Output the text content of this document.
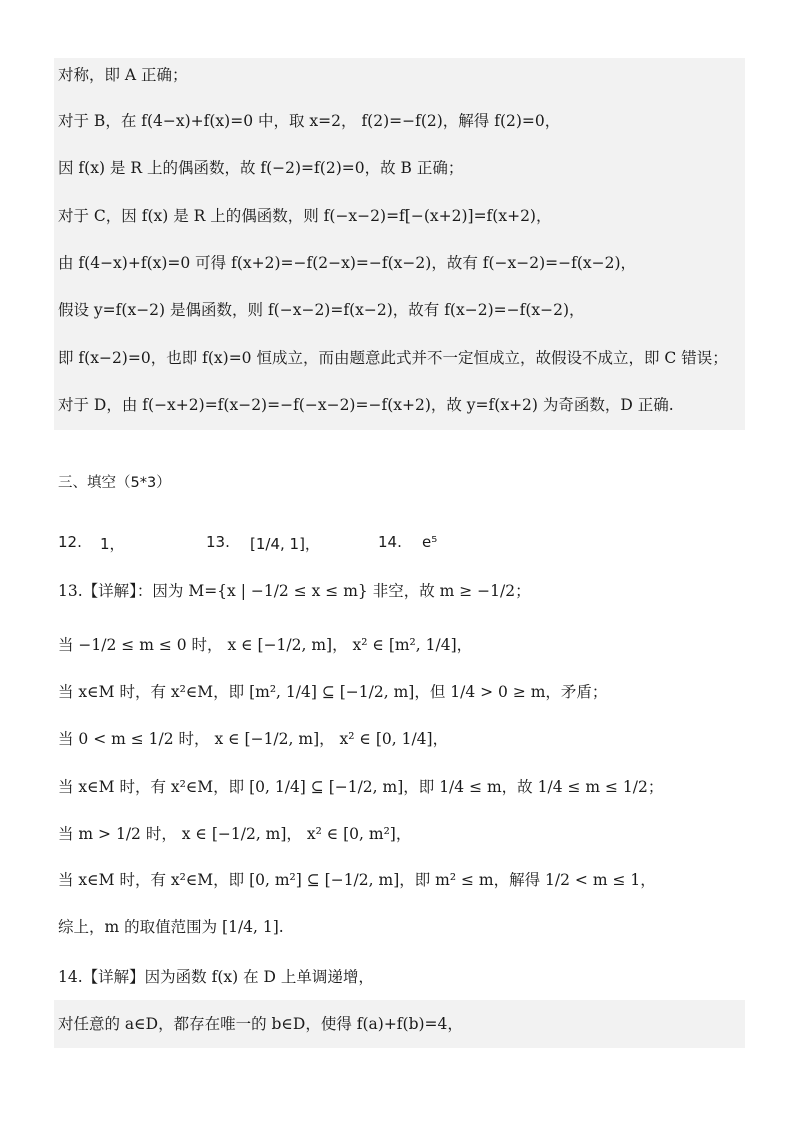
对称，即 A 正确；
对于 B，在 f(4−x)+f(x)=0 中，取 x=2， f(2)=−f(2)，解得 f(2)=0，
因 f(x) 是 R 上的偶函数，故 f(−2)=f(2)=0，故 B 正确；
对于 C，因 f(x) 是 R 上的偶函数，则 f(−x−2)=f[−(x+2)]=f(x+2)，
由 f(4−x)+f(x)=0 可得 f(x+2)=−f(2−x)=−f(x−2)，故有 f(−x−2)=−f(x−2)，
假设 y=f(x−2) 是偶函数，则 f(−x−2)=f(x−2)，故有 f(x−2)=−f(x−2)，
即 f(x−2)=0，也即 f(x)=0 恒成立，而由题意此式并不一定恒成立，故假设不成立，即 C 错误；
对于 D，由 f(−x+2)=f(x−2)=−f(−x−2)=−f(x+2)，故 y=f(x+2) 为奇函数，D 正确.
三、填空（5*3）
12. 1，	13. [1/4, 1]，	14. e⁵
13.【详解】：因为 M={x | −1/2 ≤ x ≤ m} 非空，故 m ≥ −1/2；
当 −1/2 ≤ m ≤ 0 时， x ∈ [−1/2, m]， x² ∈ [m², 1/4]，
当 x∈M 时，有 x²∈M，即 [m², 1/4] ⊆ [−1/2, m]，但 1/4 > 0 ≥ m，矛盾；
当 0 < m ≤ 1/2 时， x ∈ [−1/2, m]， x² ∈ [0, 1/4]，
当 x∈M 时，有 x²∈M，即 [0, 1/4] ⊆ [−1/2, m]，即 1/4 ≤ m，故 1/4 ≤ m ≤ 1/2；
当 m > 1/2 时， x ∈ [−1/2, m]， x² ∈ [0, m²]，
当 x∈M 时，有 x²∈M，即 [0, m²] ⊆ [−1/2, m]，即 m² ≤ m，解得 1/2 < m ≤ 1，
综上，m 的取值范围为 [1/4, 1].
14.【详解】因为函数 f(x) 在 D 上单调递增，
对任意的 a∈D，都存在唯一的 b∈D，使得 f(a)+f(b)=4，
